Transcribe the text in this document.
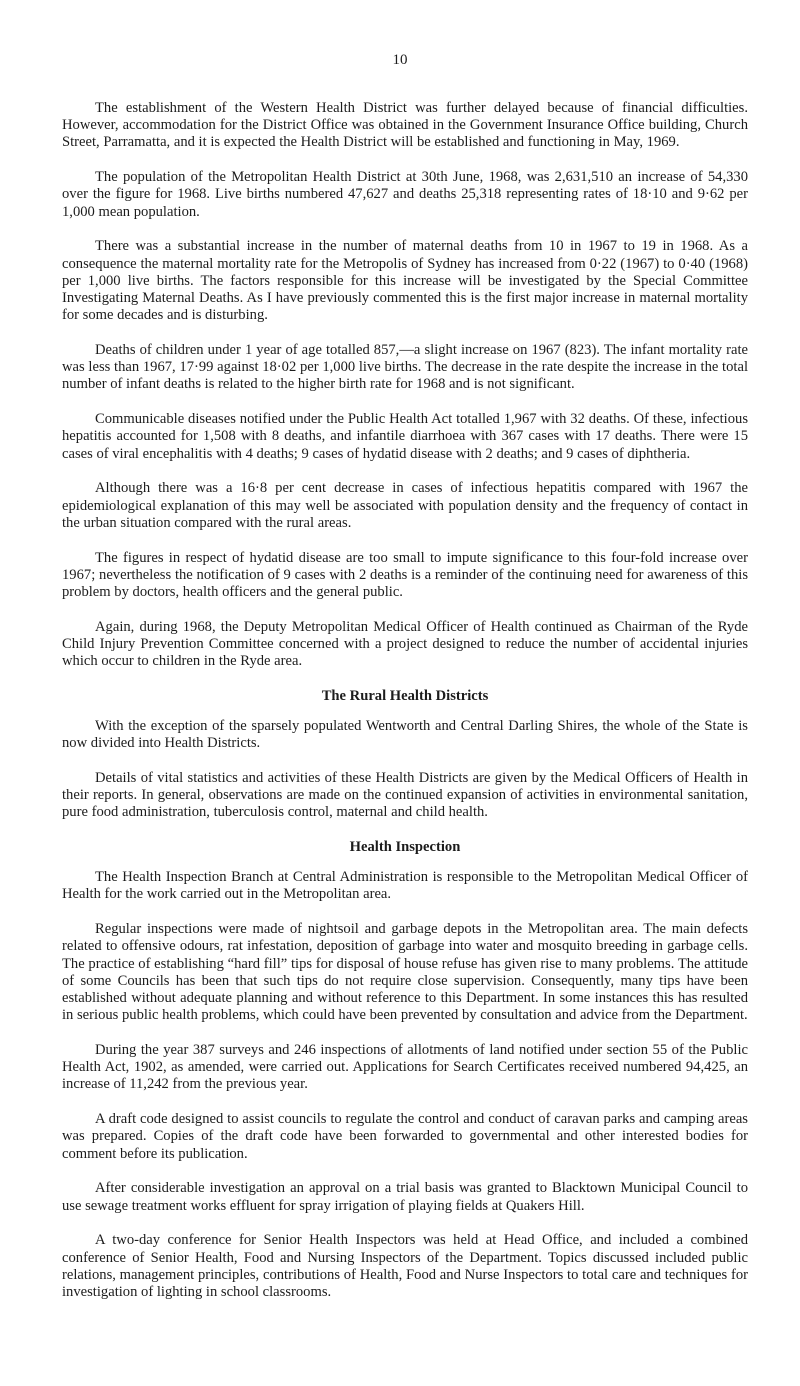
10

The establishment of the Western Health District was further delayed because of financial difficulties. However, accommodation for the District Office was obtained in the Government Insurance Office building, Church Street, Parramatta, and it is expected the Health District will be established and functioning in May, 1969.

The population of the Metropolitan Health District at 30th June, 1968, was 2,631,510 an increase of 54,330 over the figure for 1968. Live births numbered 47,627 and deaths 25,318 representing rates of 18·10 and 9·62 per 1,000 mean population.

There was a substantial increase in the number of maternal deaths from 10 in 1967 to 19 in 1968. As a consequence the maternal mortality rate for the Metropolis of Sydney has increased from 0·22 (1967) to 0·40 (1968) per 1,000 live births. The factors responsible for this increase will be investigated by the Special Committee Investigating Maternal Deaths. As I have previously commented this is the first major increase in maternal mortality for some decades and is disturbing.

Deaths of children under 1 year of age totalled 857,—a slight increase on 1967 (823). The infant mortality rate was less than 1967, 17·99 against 18·02 per 1,000 live births. The decrease in the rate despite the increase in the total number of infant deaths is related to the higher birth rate for 1968 and is not significant.

Communicable diseases notified under the Public Health Act totalled 1,967 with 32 deaths. Of these, infectious hepatitis accounted for 1,508 with 8 deaths, and infantile diarrhoea with 367 cases with 17 deaths. There were 15 cases of viral encephalitis with 4 deaths; 9 cases of hydatid disease with 2 deaths; and 9 cases of diphtheria.

Although there was a 16·8 per cent decrease in cases of infectious hepatitis compared with 1967 the epidemiological explanation of this may well be associated with population density and the frequency of contact in the urban situation compared with the rural areas.

The figures in respect of hydatid disease are too small to impute significance to this four-fold increase over 1967; nevertheless the notification of 9 cases with 2 deaths is a reminder of the continuing need for awareness of this problem by doctors, health officers and the general public.

Again, during 1968, the Deputy Metropolitan Medical Officer of Health continued as Chairman of the Ryde Child Injury Prevention Committee concerned with a project designed to reduce the number of accidental injuries which occur to children in the Ryde area.

The Rural Health Districts

With the exception of the sparsely populated Wentworth and Central Darling Shires, the whole of the State is now divided into Health Districts.

Details of vital statistics and activities of these Health Districts are given by the Medical Officers of Health in their reports. In general, observations are made on the continued expansion of activities in environmental sanitation, pure food administration, tuberculosis control, maternal and child health.

Health Inspection

The Health Inspection Branch at Central Administration is responsible to the Metropolitan Medical Officer of Health for the work carried out in the Metropolitan area.

Regular inspections were made of nightsoil and garbage depots in the Metropolitan area. The main defects related to offensive odours, rat infestation, deposition of garbage into water and mosquito breeding in garbage cells. The practice of establishing “hard fill” tips for disposal of house refuse has given rise to many problems. The attitude of some Councils has been that such tips do not require close supervision. Consequently, many tips have been established without adequate planning and without reference to this Department. In some instances this has resulted in serious public health problems, which could have been prevented by consultation and advice from the Department.

During the year 387 surveys and 246 inspections of allotments of land notified under section 55 of the Public Health Act, 1902, as amended, were carried out. Applications for Search Certificates received numbered 94,425, an increase of 11,242 from the previous year.

A draft code designed to assist councils to regulate the control and conduct of caravan parks and camping areas was prepared. Copies of the draft code have been forwarded to governmental and other interested bodies for comment before its publication.

After considerable investigation an approval on a trial basis was granted to Blacktown Municipal Council to use sewage treatment works effluent for spray irrigation of playing fields at Quakers Hill.

A two-day conference for Senior Health Inspectors was held at Head Office, and included a combined conference of Senior Health, Food and Nursing Inspectors of the Department. Topics discussed included public relations, management principles, contributions of Health, Food and Nurse Inspectors to total care and techniques for investigation of lighting in school classrooms.
